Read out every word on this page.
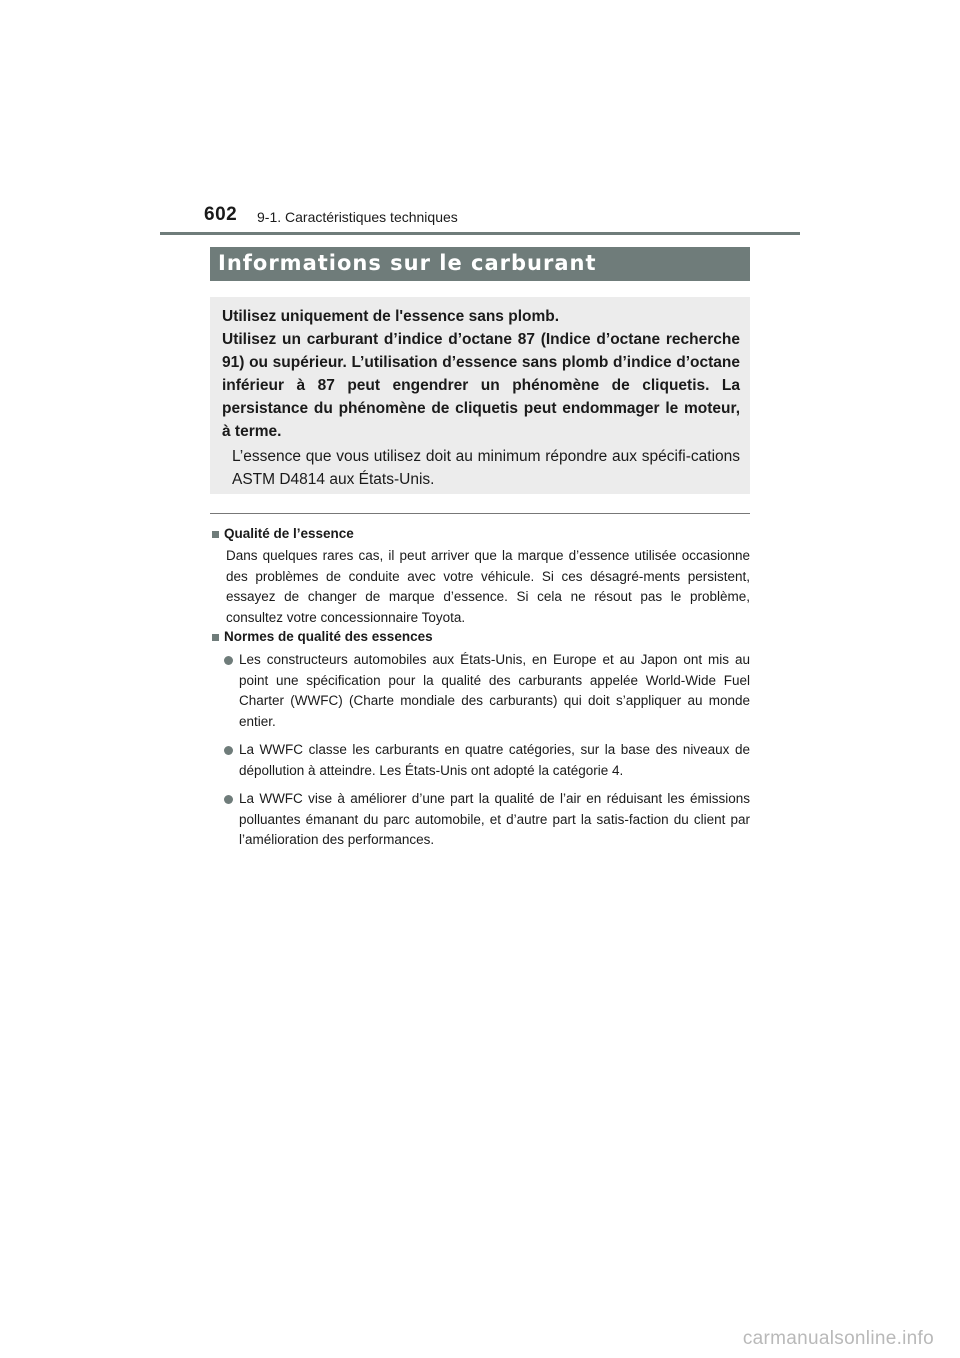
602 9-1. Caractéristiques techniques
Informations sur le carburant

Utilisez uniquement de l'essence sans plomb.

Utilisez un carburant d’indice d’octane 87 (Indice d’octane recherche 91) ou supérieur. L’utilisation d’essence sans plomb d’indice d’octane inférieur à 87 peut engendrer un phénomène de cliquetis. La persistance du phénomène de cliquetis peut endommager le moteur, à terme.

L’essence que vous utilisez doit au minimum répondre aux spécifi-cations ASTM D4814 aux États-Unis.
Qualité de l’essence
Dans quelques rares cas, il peut arriver que la marque d’essence utilisée occasionne des problèmes de conduite avec votre véhicule. Si ces désagré-ments persistent, essayez de changer de marque d’essence. Si cela ne résout pas le problème, consultez votre concessionnaire Toyota.
Normes de qualité des essences
Les constructeurs automobiles aux États-Unis, en Europe et au Japon ont mis au point une spécification pour la qualité des carburants appelée World-Wide Fuel Charter (WWFC) (Charte mondiale des carburants) qui doit s’appliquer au monde entier.
La WWFC classe les carburants en quatre catégories, sur la base des niveaux de dépollution à atteindre. Les États-Unis ont adopté la catégorie 4.
La WWFC vise à améliorer d’une part la qualité de l’air en réduisant les émissions polluantes émanant du parc automobile, et d’autre part la satis-faction du client par l’amélioration des performances.
carmanualsonline.info
